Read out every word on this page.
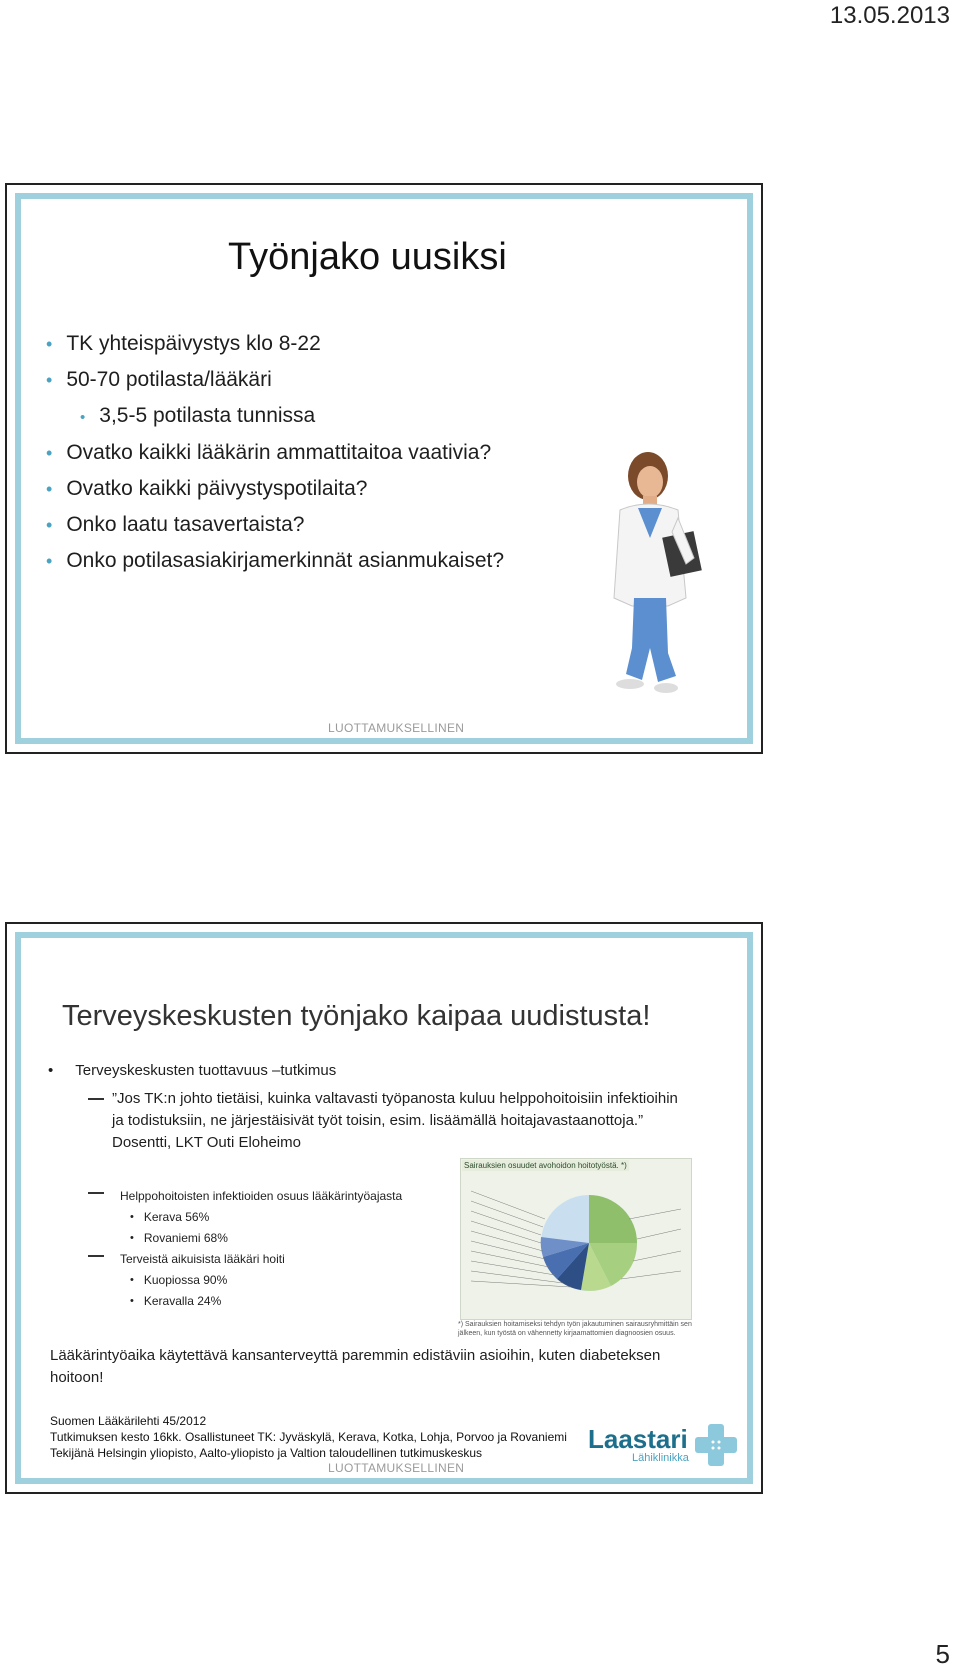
13.05.2013
Työnjako uusiksi
• TK yhteispäivystys klo 8-22
• 50-70 potilasta/lääkäri
• 3,5-5 potilasta tunnissa
• Ovatko kaikki lääkärin ammattitaitoa vaativia?
• Ovatko kaikki päivystyspotilaita?
• Onko laatu tasavertaista?
• Onko potilasasiakirjamerkinnät asianmukaiset?
LUOTTAMUKSELLINEN
Terveyskeskusten työnjako kaipaa uudistusta!
• Terveyskeskusten tuottavuus –tutkimus
”Jos TK:n johto tietäisi, kuinka valtavasti työpanosta kuluu helppohoitoisiin infektioihin ja todistuksiin, ne järjestäisivät työt toisin, esim. lisäämällä hoitajavastaanottoja.” Dosentti, LKT Outi Eloheimo
Helppohoitoisten infektioiden osuus lääkärintyöajasta
• Kerava 56%
• Rovaniemi 68%
Terveistä aikuisista lääkäri hoiti
• Kuopiossa 90%
• Keravalla 24%
Sairauksien osuudet avohoidon hoitotyöstä. *)
*) Sairauksien hoitamiseksi tehdyn työn jakautuminen sairausryhmittäin sen jälkeen, kun työstä on vähennetty kirjaamattomien diagnoosien osuus.
Lääkärintyöaika käytettävä kansanterveyttä paremmin edistäviin asioihin, kuten diabeteksen hoitoon!
Suomen Lääkärilehti 45/2012
Tutkimuksen kesto 16kk. Osallistuneet TK: Jyväskylä, Kerava, Kotka, Lohja, Porvoo ja Rovaniemi
Tekijänä Helsingin yliopisto, Aalto-yliopisto ja Valtion taloudellinen tutkimuskeskus	Laastari
Lähiklinikka
LUOTTAMUKSELLINEN
5
